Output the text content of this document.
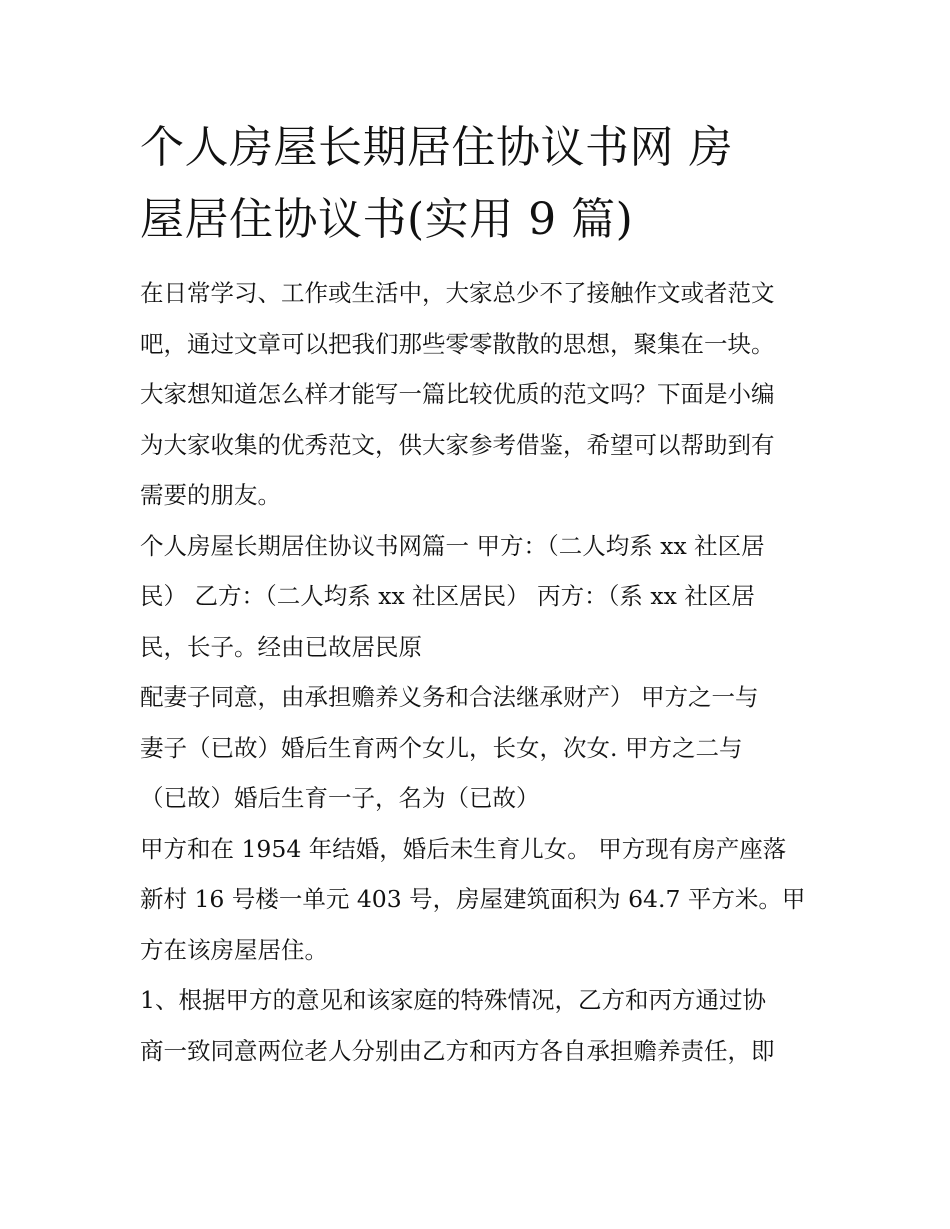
个人房屋长期居住协议书网 房
屋居住协议书(实用 9 篇)

在日常学习、工作或生活中，大家总少不了接触作文或者范文
吧，通过文章可以把我们那些零零散散的思想，聚集在一块。
大家想知道怎么样才能写一篇比较优质的范文吗？下面是小编
为大家收集的优秀范文，供大家参考借鉴，希望可以帮助到有
需要的朋友。

个人房屋长期居住协议书网篇一 甲方：（二人均系 xx 社区居
民） 乙方：（二人均系 xx 社区居民） 丙方：（系 xx 社区居
民，长子。经由已故居民原

配妻子同意，由承担赡养义务和合法继承财产） 甲方之一与
妻子（已故）婚后生育两个女儿，长女，次女. 甲方之二与
（已故）婚后生育一子，名为（已故）

甲方和在 1954 年结婚，婚后未生育儿女。 甲方现有房产座落
新村 16 号楼一单元 403 号，房屋建筑面积为 64.7 平方米。甲
方在该房屋居住。

1、根据甲方的意见和该家庭的特殊情况，乙方和丙方通过协
商一致同意两位老人分别由乙方和丙方各自承担赡养责任，即
